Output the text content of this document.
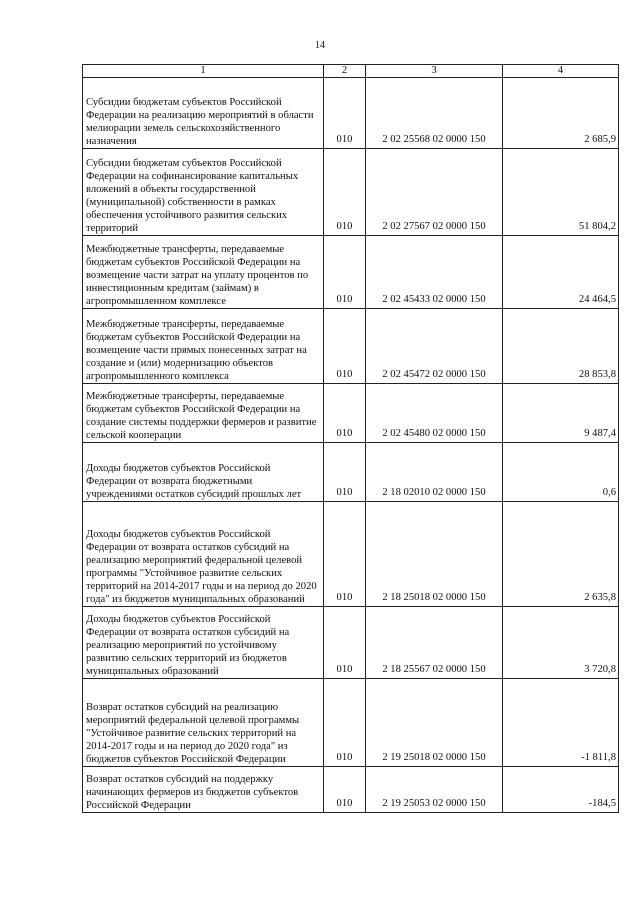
14
1	2	3	4
Субсидии бюджетам субъектов Российской Федерации на реализацию мероприятий в области мелиорации земель сельскохозяйственного назначения	010	2 02 25568 02 0000 150	2 685,9
Субсидии бюджетам субъектов Российской Федерации на софинансирование капитальных вложений в объекты государственной (муниципальной) собственности в рамках обеспечения устойчивого развития сельских территорий	010	2 02 27567 02 0000 150	51 804,2
Межбюджетные трансферты, передаваемые бюджетам субъектов Российской Федерации на возмещение части затрат на уплату процентов по инвестиционным кредитам (займам) в агропромышленном комплексе	010	2 02 45433 02 0000 150	24 464,5
Межбюджетные трансферты, передаваемые бюджетам субъектов Российской Федерации на возмещение части прямых понесенных затрат на создание и (или) модернизацию объектов агропромышленного комплекса	010	2 02 45472 02 0000 150	28 853,8
Межбюджетные трансферты, передаваемые бюджетам субъектов Российской Федерации на создание системы поддержки фермеров и развитие сельской кооперации	010	2 02 45480 02 0000 150	9 487,4
Доходы бюджетов субъектов Российской Федерации от возврата бюджетными учреждениями остатков субсидий прошлых лет	010	2 18 02010 02 0000 150	0,6
Доходы бюджетов субъектов Российской Федерации от возврата остатков субсидий на реализацию мероприятий федеральной целевой программы "Устойчивое развитие сельских территорий на 2014-2017 годы и на период до 2020 года" из бюджетов муниципальных образований	010	2 18 25018 02 0000 150	2 635,8
Доходы бюджетов субъектов Российской Федерации от возврата остатков субсидий на реализацию мероприятий по устойчивому развитию сельских территорий из бюджетов муниципальных образований	010	2 18 25567 02 0000 150	3 720,8
Возврат остатков субсидий на реализацию мероприятий федеральной целевой программы "Устойчивое развитие сельских территорий на 2014-2017 годы и на период до 2020 года" из бюджетов субъектов Российской Федерации	010	2 19 25018 02 0000 150	-1 811,8
Возврат остатков субсидий на поддержку начинающих фермеров из бюджетов субъектов Российской Федерации	010	2 19 25053 02 0000 150	-184,5
